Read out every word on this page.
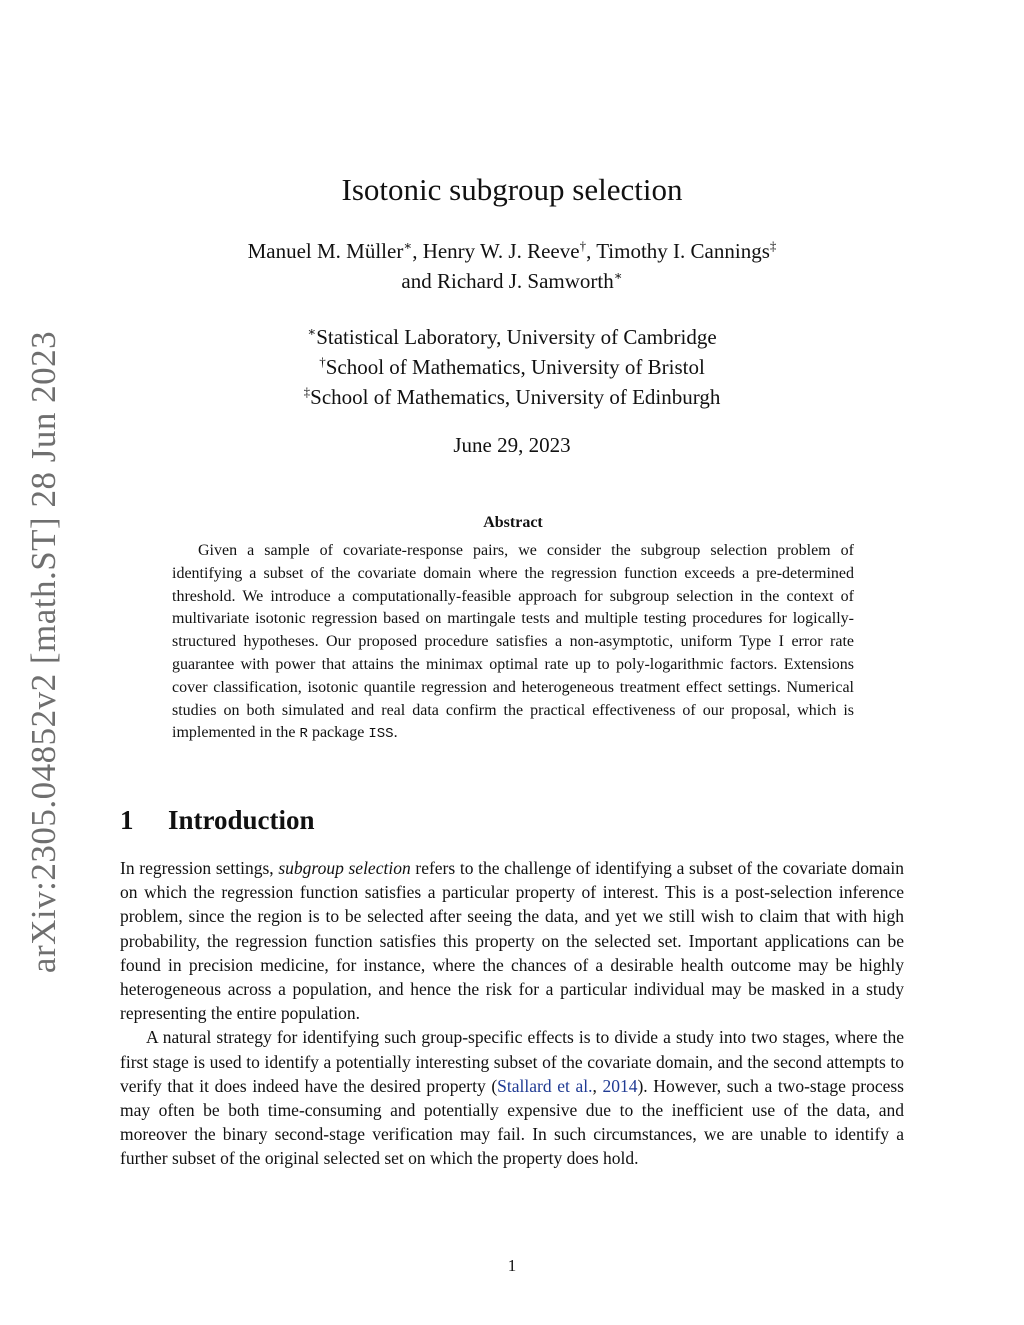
arXiv:2305.04852v2 [math.ST] 28 Jun 2023
Isotonic subgroup selection
Manuel M. Müller∗, Henry W. J. Reeve†, Timothy I. Cannings‡
and Richard J. Samworth∗
∗Statistical Laboratory, University of Cambridge
†School of Mathematics, University of Bristol
‡School of Mathematics, University of Edinburgh
June 29, 2023
Abstract

Given a sample of covariate-response pairs, we consider the subgroup selection problem of identifying a subset of the covariate domain where the regression function exceeds a pre-determined threshold. We introduce a computationally-feasible approach for subgroup selection in the context of multivariate isotonic regression based on martingale tests and multiple testing procedures for logically-structured hypotheses. Our proposed procedure satisfies a non-asymptotic, uniform Type I error rate guarantee with power that attains the minimax optimal rate up to poly-logarithmic factors. Extensions cover classification, isotonic quantile regression and heterogeneous treatment effect settings. Numerical studies on both simulated and real data confirm the practical effectiveness of our proposal, which is implemented in the R package ISS.

1 Introduction

In regression settings, subgroup selection refers to the challenge of identifying a subset of the covariate domain on which the regression function satisfies a particular property of interest. This is a post-selection inference problem, since the region is to be selected after seeing the data, and yet we still wish to claim that with high probability, the regression function satisfies this property on the selected set. Important applications can be found in precision medicine, for instance, where the chances of a desirable health outcome may be highly heterogeneous across a population, and hence the risk for a particular individual may be masked in a study representing the entire population.

A natural strategy for identifying such group-specific effects is to divide a study into two stages, where the first stage is used to identify a potentially interesting subset of the covariate domain, and the second attempts to verify that it does indeed have the desired property (Stallard et al., 2014). However, such a two-stage process may often be both time-consuming and potentially expensive due to the inefficient use of the data, and moreover the binary second-stage verification may fail. In such circumstances, we are unable to identify a further subset of the original selected set on which the property does hold.

1
